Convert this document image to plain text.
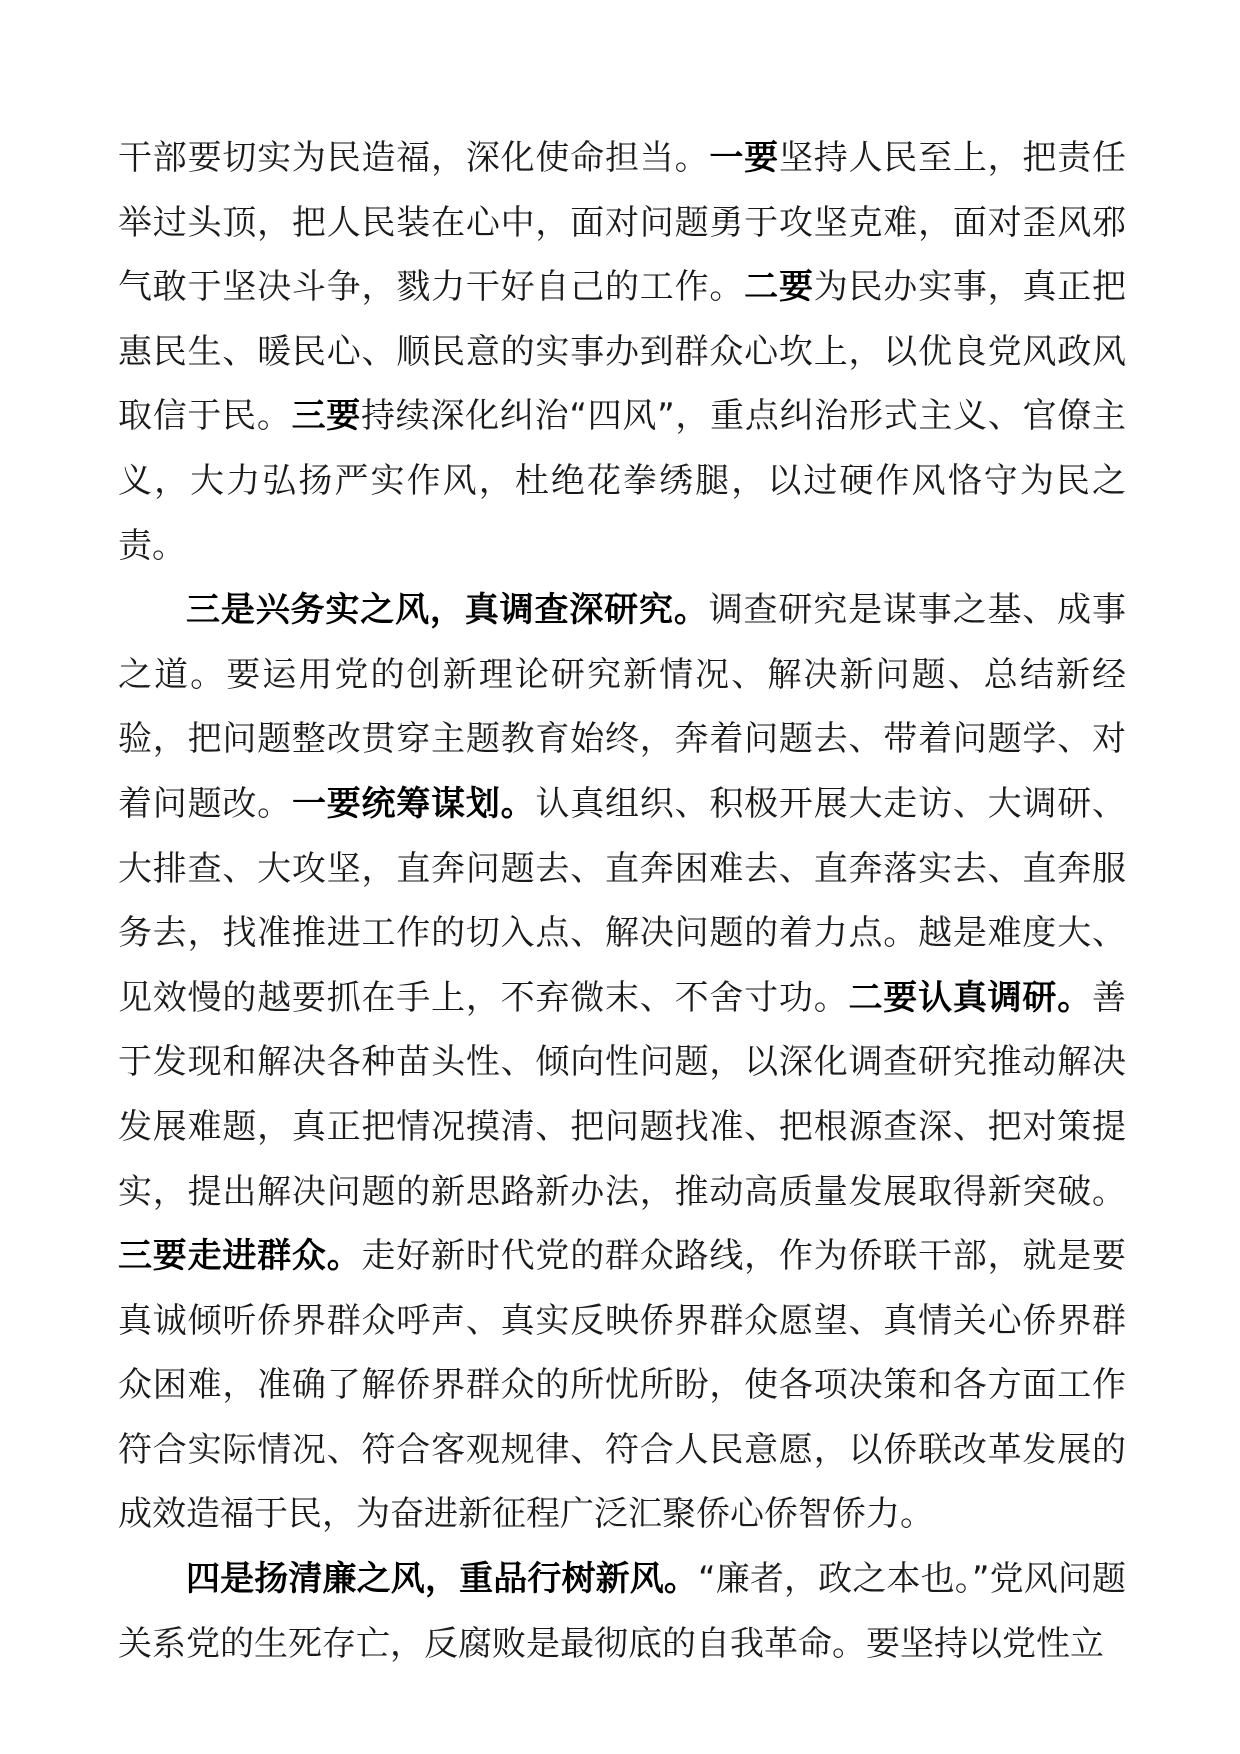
干部要切实为民造福，深化使命担当。一要坚持人民至上，把责任举过头顶，把人民装在心中，面对问题勇于攻坚克难，面对歪风邪气敢于坚决斗争，戮力干好自己的工作。二要为民办实事，真正把惠民生、暖民心、顺民意的实事办到群众心坎上，以优良党风政风取信于民。三要持续深化纠治“四风”，重点纠治形式主义、官僚主义，大力弘扬严实作风，杜绝花拳绣腿，以过硬作风恪守为民之责。

三是兴务实之风，真调查深研究。调查研究是谋事之基、成事之道。要运用党的创新理论研究新情况、解决新问题、总结新经验，把问题整改贯穿主题教育始终，奔着问题去、带着问题学、对着问题改。一要统筹谋划。认真组织、积极开展大走访、大调研、大排查、大攻坚，直奔问题去、直奔困难去、直奔落实去、直奔服务去，找准推进工作的切入点、解决问题的着力点。越是难度大、见效慢的越要抓在手上，不弃微末、不舍寸功。二要认真调研。善于发现和解决各种苗头性、倾向性问题，以深化调查研究推动解决发展难题，真正把情况摸清、把问题找准、把根源查深、把对策提实，提出解决问题的新思路新办法，推动高质量发展取得新突破。三要走进群众。走好新时代党的群众路线，作为侨联干部，就是要真诚倾听侨界群众呼声、真实反映侨界群众愿望、真情关心侨界群众困难，准确了解侨界群众的所忧所盼，使各项决策和各方面工作符合实际情况、符合客观规律、符合人民意愿，以侨联改革发展的成效造福于民，为奋进新征程广泛汇聚侨心侨智侨力。

四是扬清廉之风，重品行树新风。“廉者，政之本也。”党风问题关系党的生死存亡，反腐败是最彻底的自我革命。要坚持以党性立
